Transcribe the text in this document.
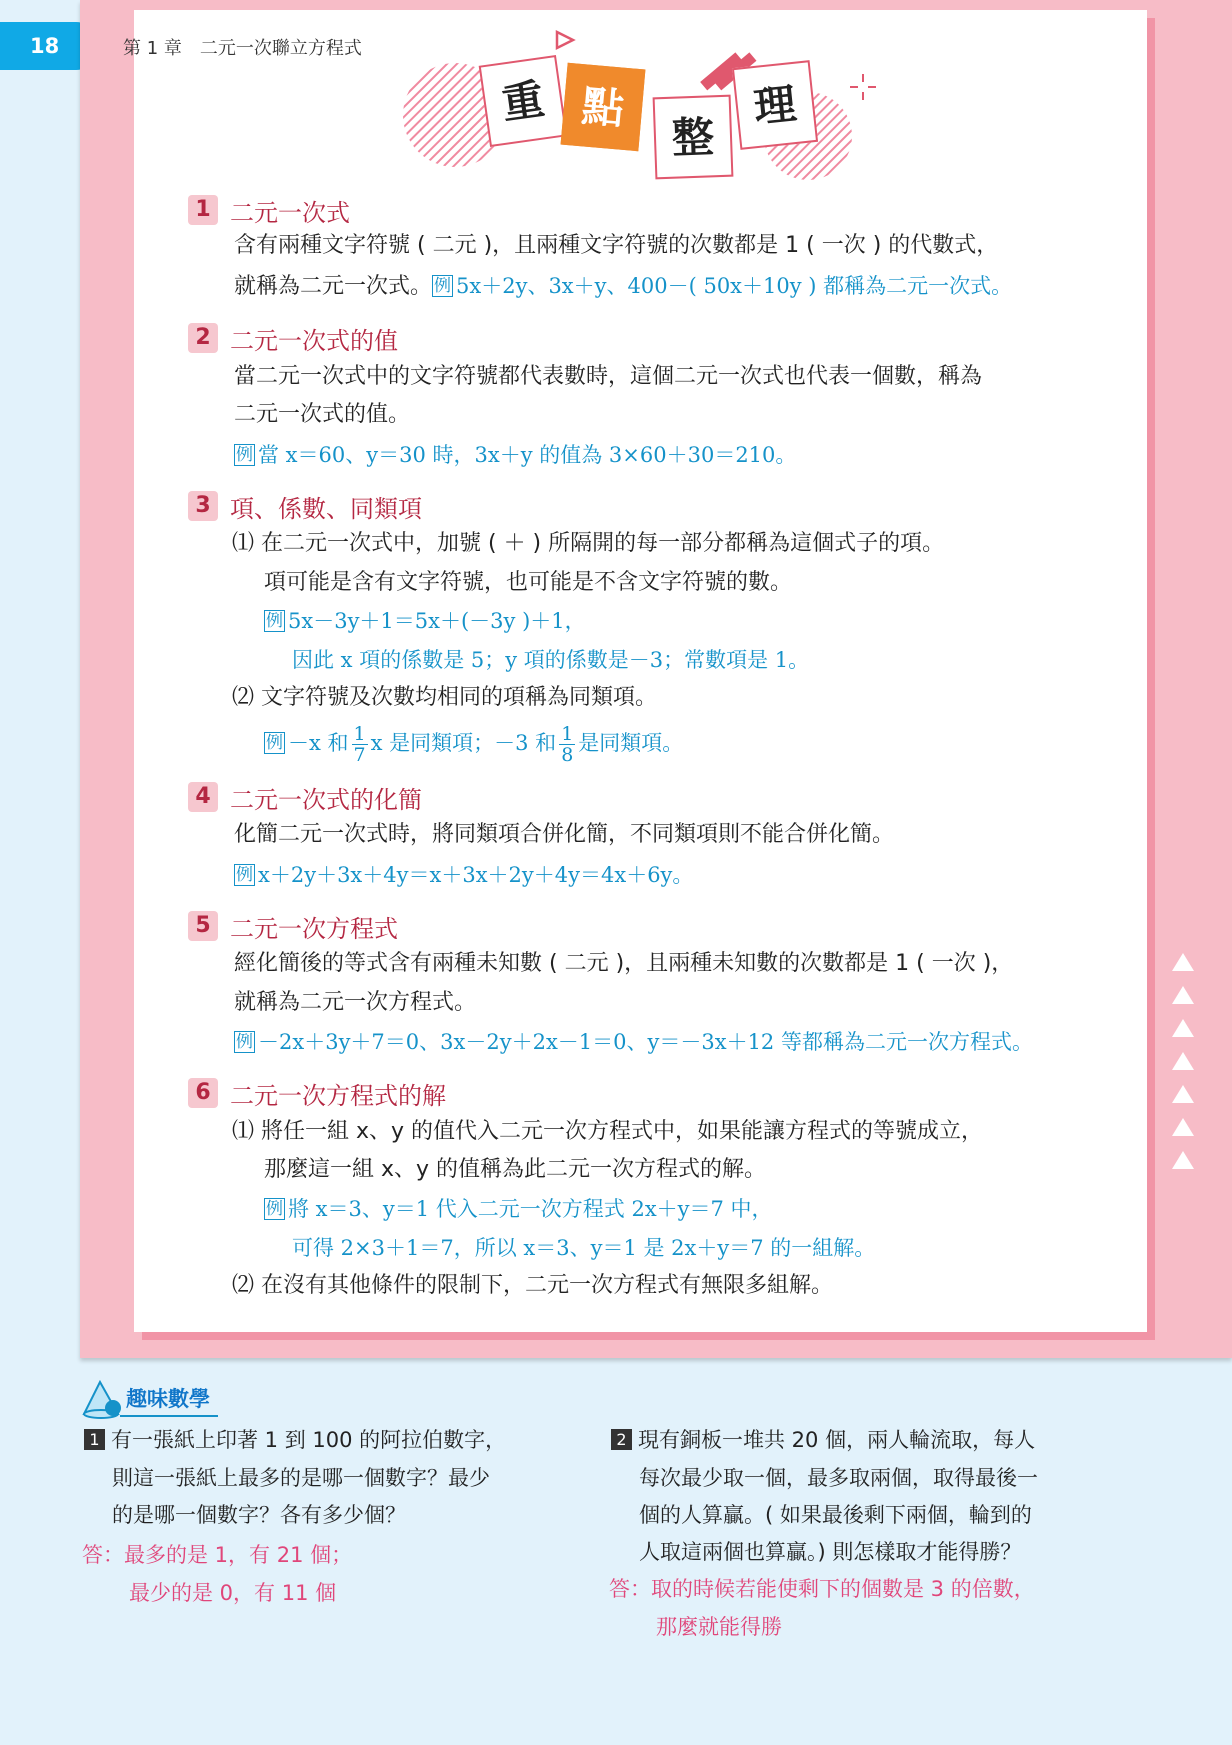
18	第 1 章　二元一次聯立方程式
重 點
整
理
1 二元一次式
含有兩種文字符號 ( 二元 )，且兩種文字符號的次數都是 1 ( 一次 ) 的代數式，
就稱為二元一次式。 例 5x＋2y、3x＋y、400－( 50x＋10y ) 都稱為二元一次式。
2 二元一次式的值
當二元一次式中的文字符號都代表數時，這個二元一次式也代表一個數，稱為
二元一次式的值。
例 當 x＝60、y＝30 時，3x＋y 的值為 3×60＋30＝210。
3 項、係數、同類項
⑴ 在二元一次式中，加號 ( ＋ ) 所隔開的每一部分都稱為這個式子的項。
項可能是含有文字符號，也可能是不含文字符號的數。
例 5x－3y＋1＝5x＋(－3y )＋1，
因此 x 項的係數是 5；y 項的係數是－3；常數項是 1。
⑵ 文字符號及次數均相同的項稱為同類項。
例 －x 和 $\frac{1}{7}$ x 是同類項；－3 和 $\frac{1}{8}$ 是同類項。
4 二元一次式的化簡
化簡二元一次式時，將同類項合併化簡，不同類項則不能合併化簡。
例 x＋2y＋3x＋4y＝x＋3x＋2y＋4y＝4x＋6y。
5 二元一次方程式
經化簡後的等式含有兩種未知數 ( 二元 )，且兩種未知數的次數都是 1 ( 一次 )，
就稱為二元一次方程式。
例 －2x＋3y＋7＝0、3x－2y＋2x－1＝0、y＝－3x＋12 等都稱為二元一次方程式。
6 二元一次方程式的解
⑴ 將任一組 x、y 的值代入二元一次方程式中，如果能讓方程式的等號成立，
那麼這一組 x、y 的值稱為此二元一次方程式的解。
例 將 x＝3、y＝1 代入二元一次方程式 2x＋y＝7 中，
可得 2×3＋1＝7，所以 x＝3、y＝1 是 2x＋y＝7 的一組解。
⑵ 在沒有其他條件的限制下，二元一次方程式有無限多組解。
趣味數學
1 有一張紙上印著 1 到 100 的阿拉伯數字，
則這一張紙上最多的是哪一個數字？最少
的是哪一個數字？各有多少個？
答：最多的是 1，有 21 個；
最少的是 0，有 11 個
2 現有銅板一堆共 20 個，兩人輪流取，每人
每次最少取一個，最多取兩個，取得最後一
個的人算贏。( 如果最後剩下兩個，輪到的
人取這兩個也算贏。) 則怎樣取才能得勝？
答：取的時候若能使剩下的個數是 3 的倍數，
那麼就能得勝
